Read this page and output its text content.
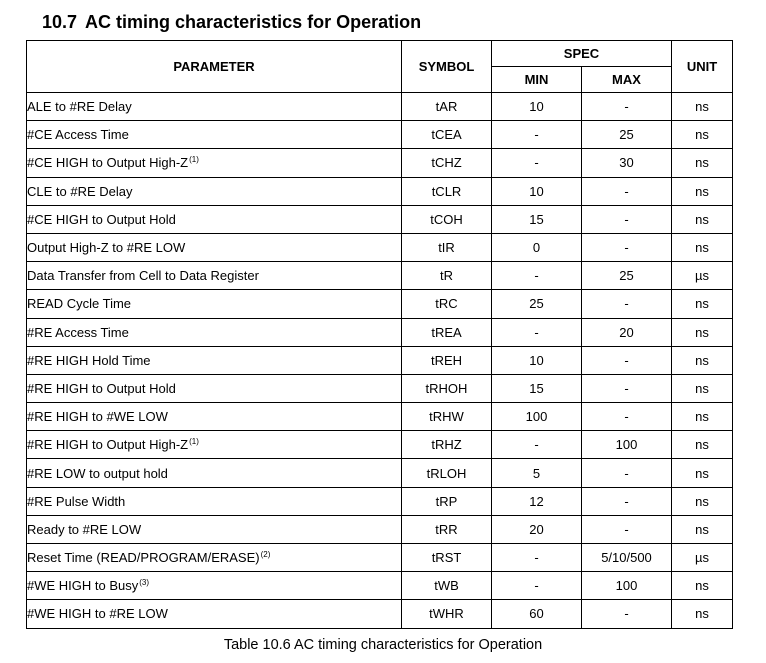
10.7 AC timing characteristics for Operation
PARAMETER	SYMBOL	SPEC		UNIT
		MIN	MAX	
ALE to #RE Delay	tAR	10	-	ns
#CE Access Time	tCEA	-	25	ns
#CE HIGH to Output High-Z$^{(1)}$	tCHZ	-	30	ns
CLE to #RE Delay	tCLR	10	-	ns
#CE HIGH to Output Hold	tCOH	15	-	ns
Output High-Z to #RE LOW	tIR	0	-	ns
Data Transfer from Cell to Data Register	tR	-	25	µs
READ Cycle Time	tRC	25	-	ns
#RE Access Time	tREA	-	20	ns
#RE HIGH Hold Time	tREH	10	-	ns
#RE HIGH to Output Hold	tRHOH	15	-	ns
#RE HIGH to #WE LOW	tRHW	100	-	ns
#RE HIGH to Output High-Z$^{(1)}$	tRHZ	-	100	ns
#RE LOW to output hold	tRLOH	5	-	ns
#RE Pulse Width	tRP	12	-	ns
Ready to #RE LOW	tRR	20	-	ns
Reset Time (READ/PROGRAM/ERASE)$^{(2)}$	tRST	-	5/10/500	µs
#WE HIGH to Busy$^{(3)}$	tWB	-	100	ns
#WE HIGH to #RE LOW	tWHR	60	-	ns
Table 10.6 AC timing characteristics for Operation
